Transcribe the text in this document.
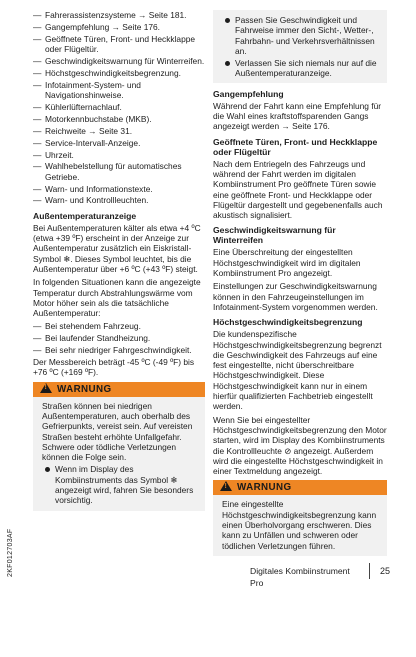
— Fahrerassistenzsysteme → Seite 181.
— Gangempfehlung → Seite 176.
— Geöffnete Türen, Front- und Heckklappe oder Flügeltür.
— Geschwindigkeitswarnung für Winterreifen.
— Höchstgeschwindigkeitsbegrenzung.
— Infotainment-System- und Navigationshinweise.
— Kühlerlüfternachlauf.
— Motorkennbuchstabe (MKB).
— Reichweite → Seite 31.
— Service-Intervall-Anzeige.
— Uhrzeit.
— Wahlhebelstellung für automatisches Getriebe.
— Warn- und Informationstexte.
— Warn- und Kontrollleuchten.
Außentemperaturanzeige

Bei Außentemperaturen kälter als etwa +4 ºC (etwa +39 ºF) erscheint in der Anzeige zur Außentemperatur zusätzlich ein Eiskristall-Symbol ❄. Dieses Symbol leuchtet, bis die Außentemperatur über +6 ºC (+43 ºF) steigt.

In folgenden Situationen kann die angezeigte Temperatur durch Abstrahlungswärme vom Motor höher sein als die tatsächliche Außentemperatur:

— Bei stehendem Fahrzeug.
— Bei laufender Standheizung.
— Bei sehr niedriger Fahrgeschwindigkeit.

Der Messbereich beträgt -45 ºC (-49 ºF) bis +76 ºC (+169 ºF).

!WARNUNG
Straßen können bei niedrigen Außentemperaturen, auch oberhalb des Gefrierpunkts, vereist sein. Auf vereisten Straßen besteht erhöhte Unfallgefahr. Schwere oder tödliche Verletzungen können die Folge sein.
Wenn im Display des Kombiinstruments das Symbol ❄ angezeigt wird, fahren Sie besonders vorsichtig.
Passen Sie Geschwindigkeit und Fahrweise immer den Sicht-, Wetter-, Fahrbahn- und Verkehrsverhältnissen an.
Verlassen Sie sich niemals nur auf die Außentemperaturanzeige.
Gangempfehlung

Während der Fahrt kann eine Empfehlung für die Wahl eines kraftstoffsparenden Gangs angezeigt werden → Seite 176.

Geöffnete Türen, Front- und Heckklappe oder Flügeltür

Nach dem Entriegeln des Fahrzeugs und während der Fahrt werden im digitalen Kombiinstrument Pro geöffnete Türen sowie eine geöffnete Front- und Heckklappe oder Flügeltür dargestellt und gegebenenfalls auch akustisch signalisiert.

Geschwindigkeitswarnung für Winterreifen

Eine Überschreitung der eingestellten Höchstgeschwindigkeit wird im digitalen Kombiinstrument Pro angezeigt.

Einstellungen zur Geschwindigkeitswarnung können in den Fahrzeugeinstellungen im Infotainment-System vorgenommen werden.

Höchstgeschwindigkeitsbegrenzung

Die kundenspezifische Höchstgeschwindigkeitsbegrenzung begrenzt die Geschwindigkeit des Fahrzeugs auf eine fest eingestellte, nicht überschreitbare Höchstgeschwindigkeit. Diese Höchstgeschwindigkeit kann nur in einem hierfür qualifizierten Fachbetrieb eingestellt werden.

Wenn Sie bei eingestellter Höchstgeschwindigkeitsbegrenzung den Motor starten, wird im Display des Kombiinstruments die Kontrollleuchte ⊘ angezeigt. Außerdem wird die eingestellte Höchstgeschwindigkeit in einer Textmeldung angezeigt.

!WARNUNG
Eine eingestellte Höchstgeschwindigkeitsbegrenzung kann einen Überholvorgang erschweren. Dies kann zu Unfällen und schweren oder tödlichen Verletzungen führen.
Digitales Kombiinstrument Pro
25
2KF012703AF
